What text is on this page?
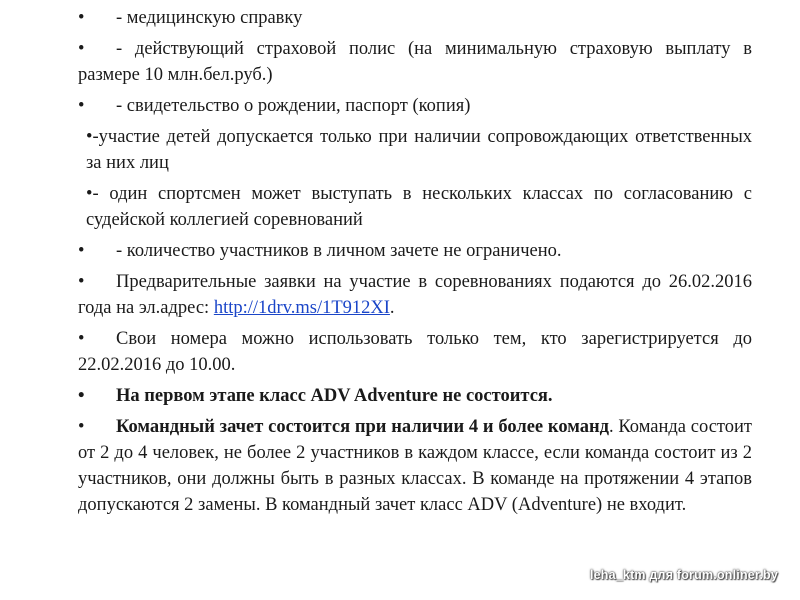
• - медицинскую справку
• - действующий страховой полис (на минимальную страховую выплату в размере 10 млн.бел.руб.)
• - свидетельство о рождении, паспорт (копия)
•-участие детей допускается только при наличии сопровождающих ответственных за них лиц
•- один спортсмен может выступать в нескольких классах по согласованию с судейской коллегией соревнований
• - количество участников в личном зачете не ограничено.
• Предварительные заявки на участие в соревнованиях подаются до 26.02.2016 года на эл.адрес: http://1drv.ms/1T912XI.
• Свои номера можно использовать только тем, кто зарегистрируется до 22.02.2016 до 10.00.
• На первом этапе класс ADV Adventure не состоится.
• Командный зачет состоится при наличии 4 и более команд. Команда состоит от 2 до 4 человек, не более 2 участников в каждом классе, если команда состоит из 2 участников, они должны быть в разных классах. В команде на протяжении 4 этапов допускаются 2 замены. В командный зачет класс ADV (Adventure) не входит.
leha_ktm для forum.onliner.by
